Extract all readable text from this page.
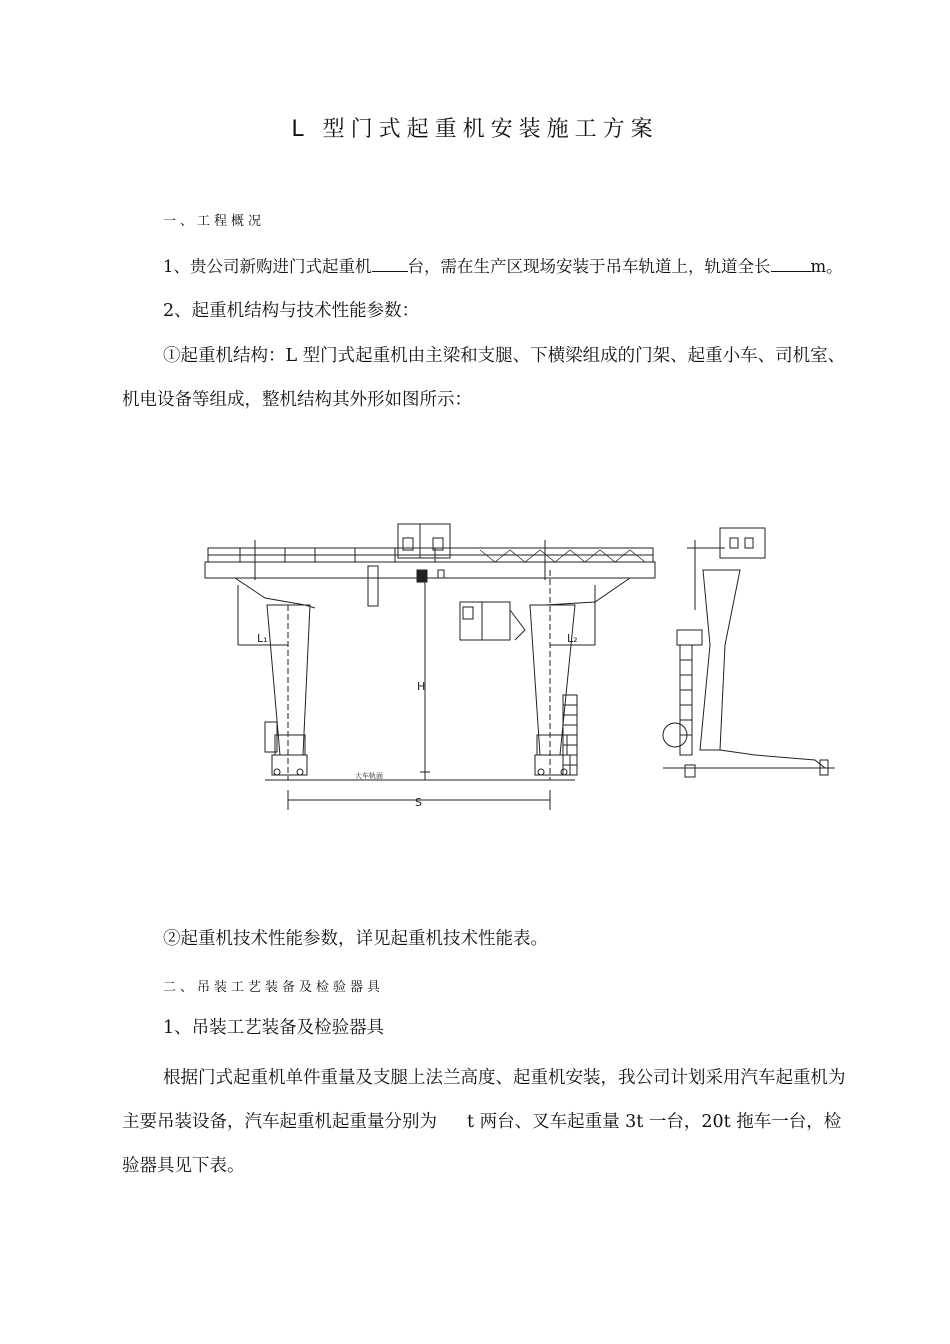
L 型门式起重机安装施工方案
一、工程概况
1、贵公司新购进门式起重机 台，需在生产区现场安装于吊车轨道上，轨道全长 m。
2、起重机结构与技术性能参数：
①起重机结构：L 型门式起重机由主梁和支腿、下横梁组成的门架、起重小车、司机室、机电设备等组成，整机结构其外形如图所示：
L₁	L₂
H
S
大车轨面
②起重机技术性能参数，详见起重机技术性能表。
二、吊装工艺装备及检验器具
1、吊装工艺装备及检验器具
根据门式起重机单件重量及支腿上法兰高度、起重机安装，我公司计划采用汽车起重机为主要吊装设备，汽车起重机起重量分别为 t 两台、叉车起重量 3t 一台，20t 拖车一台，检验器具见下表。
